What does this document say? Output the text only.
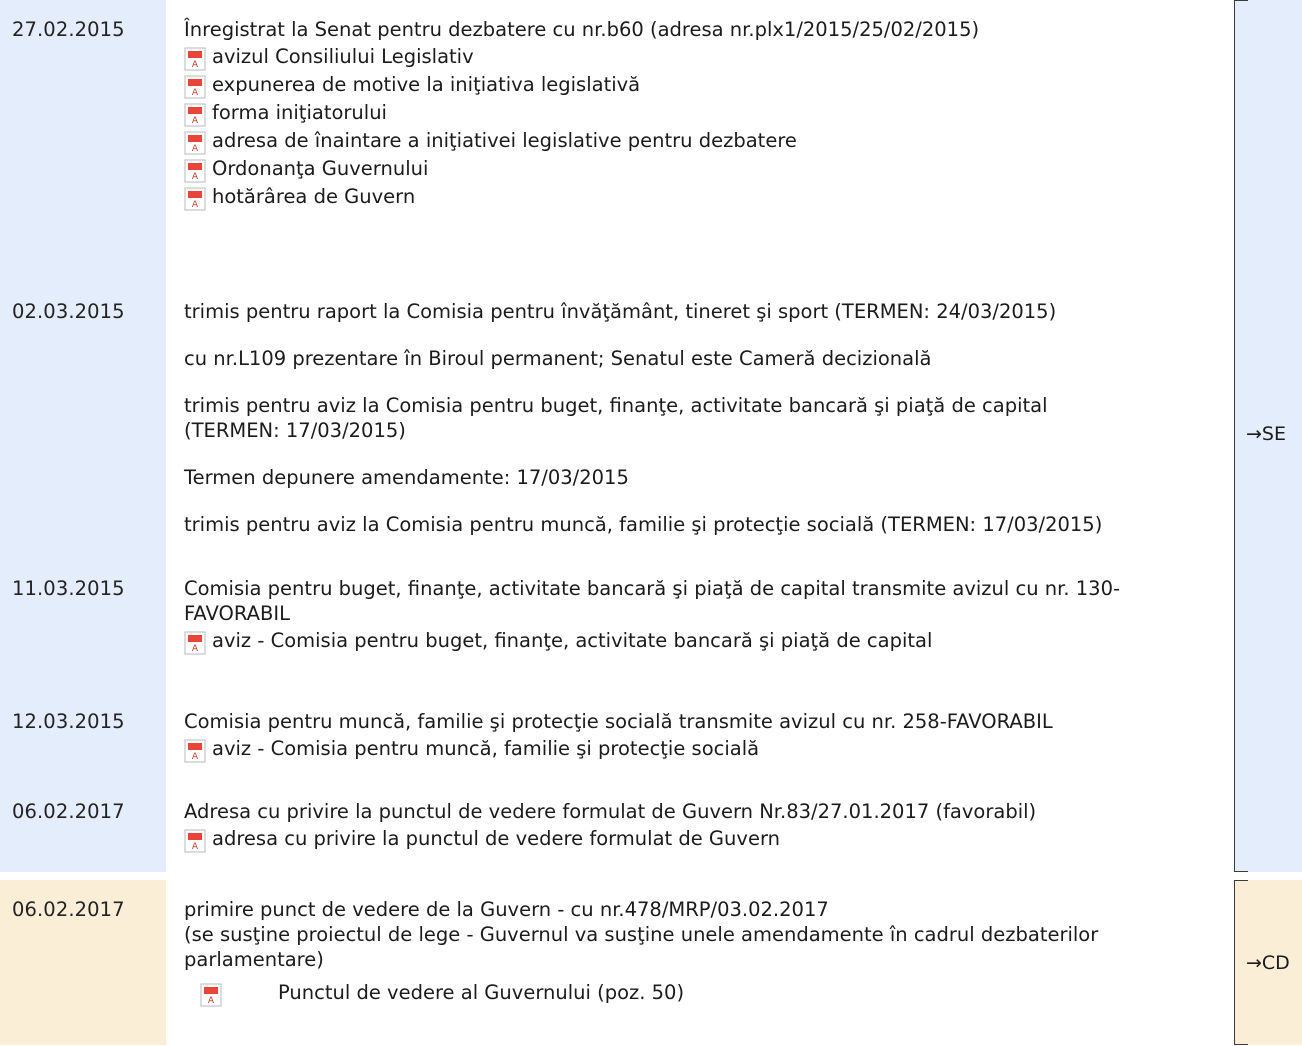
27.02.2015	Înregistrat la Senat pentru dezbatere cu nr.b60 (adresa nr.plx1/2015/25/02/2015)
A avizul Consiliului Legislativ
A expunerea de motive la iniţiativa legislativă
A forma iniţiatorului
A adresa de înaintare a iniţiativei legislative pentru dezbatere
A Ordonanţa Guvernului
A hotărârea de Guvern
02.03.2015	trimis pentru raport la Comisia pentru învăţământ, tineret şi sport (TERMEN: 24/03/2015)
cu nr.L109 prezentare în Biroul permanent; Senatul este Cameră decizională
trimis pentru aviz la Comisia pentru buget, finanţe, activitate bancară şi piaţă de capital (TERMEN: 17/03/2015)
Termen depunere amendamente: 17/03/2015
trimis pentru aviz la Comisia pentru muncă, familie şi protecţie socială (TERMEN: 17/03/2015)
11.03.2015	Comisia pentru buget, finanţe, activitate bancară şi piaţă de capital transmite avizul cu nr. 130-FAVORABIL
A aviz - Comisia pentru buget, finanţe, activitate bancară şi piaţă de capital
12.03.2015	Comisia pentru muncă, familie şi protecţie socială transmite avizul cu nr. 258-FAVORABIL
A aviz - Comisia pentru muncă, familie şi protecţie socială
06.02.2017	Adresa cu privire la punctul de vedere formulat de Guvern Nr.83/27.01.2017 (favorabil)
A adresa cu privire la punctul de vedere formulat de Guvern
→SE
06.02.2017	primire punct de vedere de la Guvern - cu nr.478/MRP/03.02.2017
(se susţine proiectul de lege - Guvernul va susţine unele amendamente în cadrul dezbaterilor parlamentare)
A	Punctul de vedere al Guvernului (poz. 50)
→CD
